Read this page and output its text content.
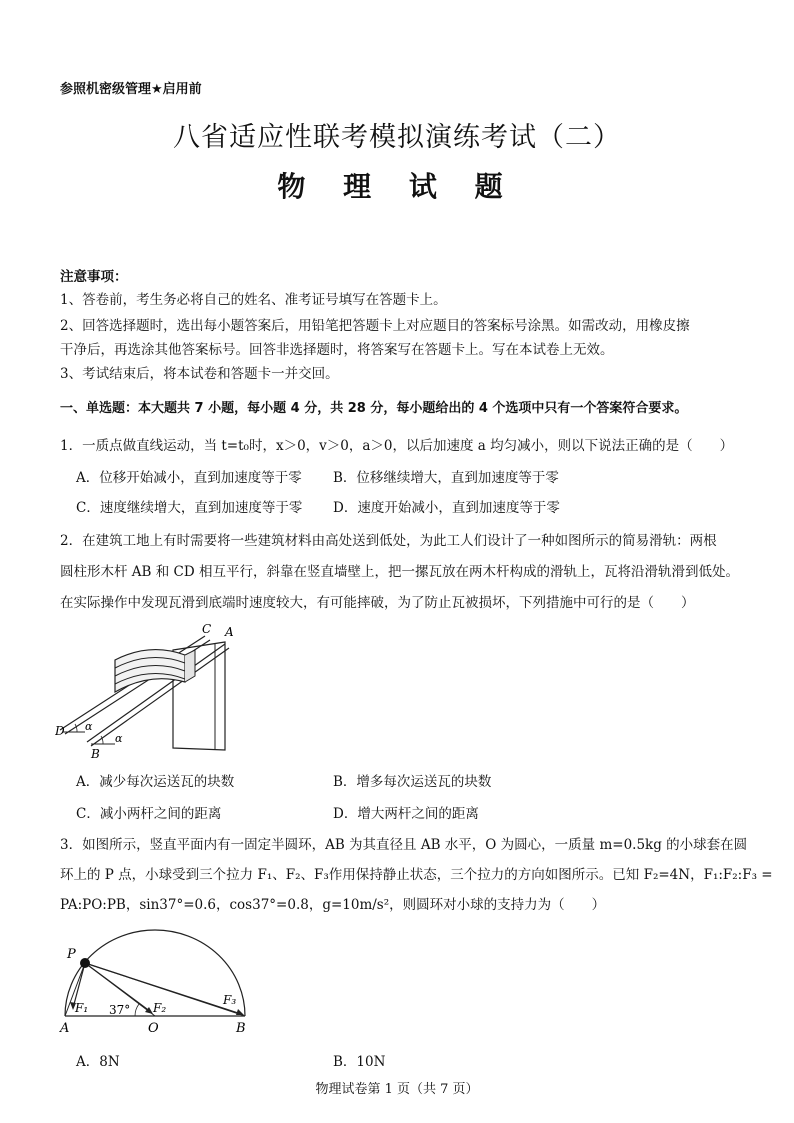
参照机密级管理★启用前
八省适应性联考模拟演练考试（二）
物 理 试 题
注意事项：
1、答卷前，考生务必将自己的姓名、准考证号填写在答题卡上。
2、回答选择题时，选出每小题答案后，用铅笔把答题卡上对应题目的答案标号涂黑。如需改动，用橡皮擦
干净后，再选涂其他答案标号。回答非选择题时，将答案写在答题卡上。写在本试卷上无效。
3、考试结束后，将本试卷和答题卡一并交回。
一、单选题：本大题共 7 小题，每小题 4 分，共 28 分，每小题给出的 4 个选项中只有一个答案符合要求。
1．一质点做直线运动，当 t=t₀时，x＞0，v＞0，a＞0，以后加速度 a 均匀减小，则以下说法正确的是（　　）
A．位移开始减小，直到加速度等于零 B．位移继续增大，直到加速度等于零
C．速度继续增大，直到加速度等于零 D．速度开始减小，直到加速度等于零
2．在建筑工地上有时需要将一些建筑材料由高处送到低处，为此工人们设计了一种如图所示的简易滑轨：两根
圆柱形木杆 AB 和 CD 相互平行，斜靠在竖直墙壁上，把一摞瓦放在两木杆构成的滑轨上，瓦将沿滑轨滑到低处。
在实际操作中发现瓦滑到底端时速度较大，有可能摔破，为了防止瓦被损坏，下列措施中可行的是（　　）
C A
D
B
α
α
A．减少每次运送瓦的块数	B．增多每次运送瓦的块数
C．减小两杆之间的距离	D．增大两杆之间的距离
3．如图所示，竖直平面内有一固定半圆环，AB 为其直径且 AB 水平，O 为圆心，一质量 m=0.5kg 的小球套在圆
环上的 P 点，小球受到三个拉力 F₁、F₂、F₃作用保持静止状态，三个拉力的方向如图所示。已知 F₂=4N，F₁:F₂:F₃ =
PA:PO:PB，sin37°=0.6，cos37°=0.8，g=10m/s²，则圆环对小球的支持力为（　　）
P
F₁ 37° F₂
F₃
A	O	B
A．8N	B．10N
物理试卷第 1 页（共 7 页）
